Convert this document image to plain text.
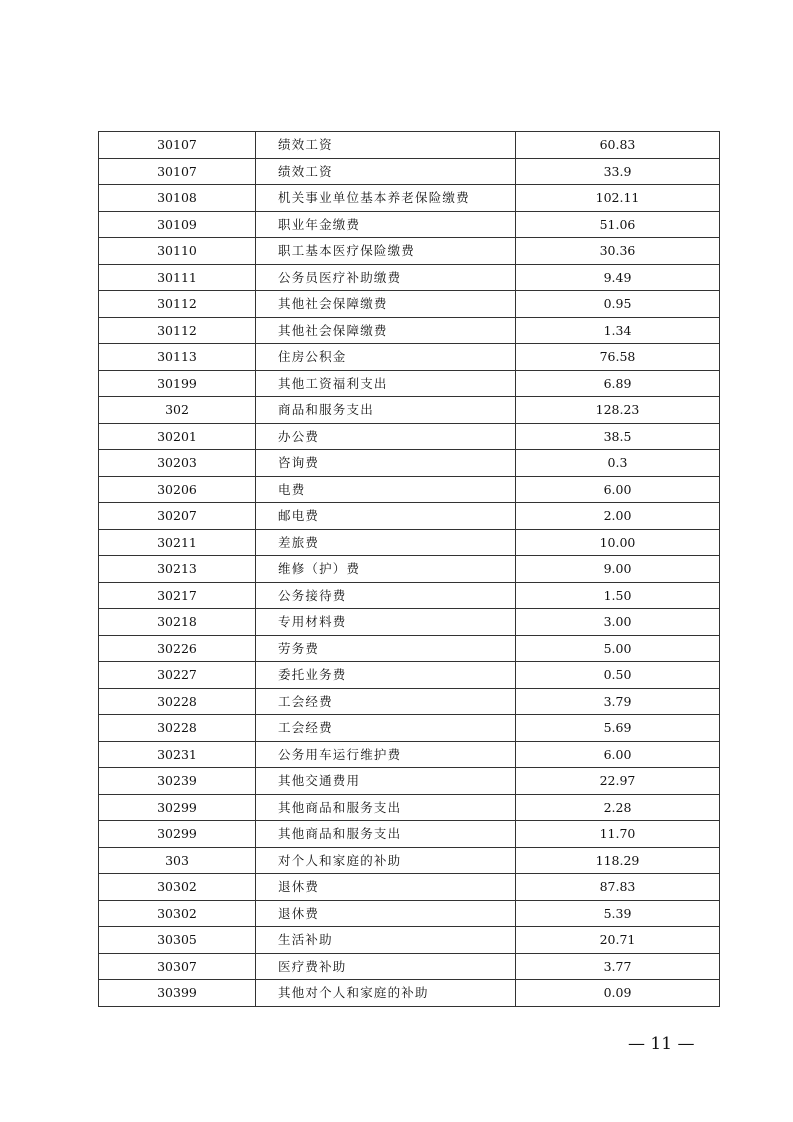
30107	绩效工资	60.83
30107	绩效工资	33.9
30108	机关事业单位基本养老保险缴费	102.11
30109	职业年金缴费	51.06
30110	职工基本医疗保险缴费	30.36
30111	公务员医疗补助缴费	9.49
30112	其他社会保障缴费	0.95
30112	其他社会保障缴费	1.34
30113	住房公积金	76.58
30199	其他工资福利支出	6.89
302	商品和服务支出	128.23
30201	办公费	38.5
30203	咨询费	0.3
30206	电费	6.00
30207	邮电费	2.00
30211	差旅费	10.00
30213	维修（护）费	9.00
30217	公务接待费	1.50
30218	专用材料费	3.00
30226	劳务费	5.00
30227	委托业务费	0.50
30228	工会经费	3.79
30228	工会经费	5.69
30231	公务用车运行维护费	6.00
30239	其他交通费用	22.97
30299	其他商品和服务支出	2.28
30299	其他商品和服务支出	11.70
303	对个人和家庭的补助	118.29
30302	退休费	87.83
30302	退休费	5.39
30305	生活补助	20.71
30307	医疗费补助	3.77
30399	其他对个人和家庭的补助	0.09
— 11 —
